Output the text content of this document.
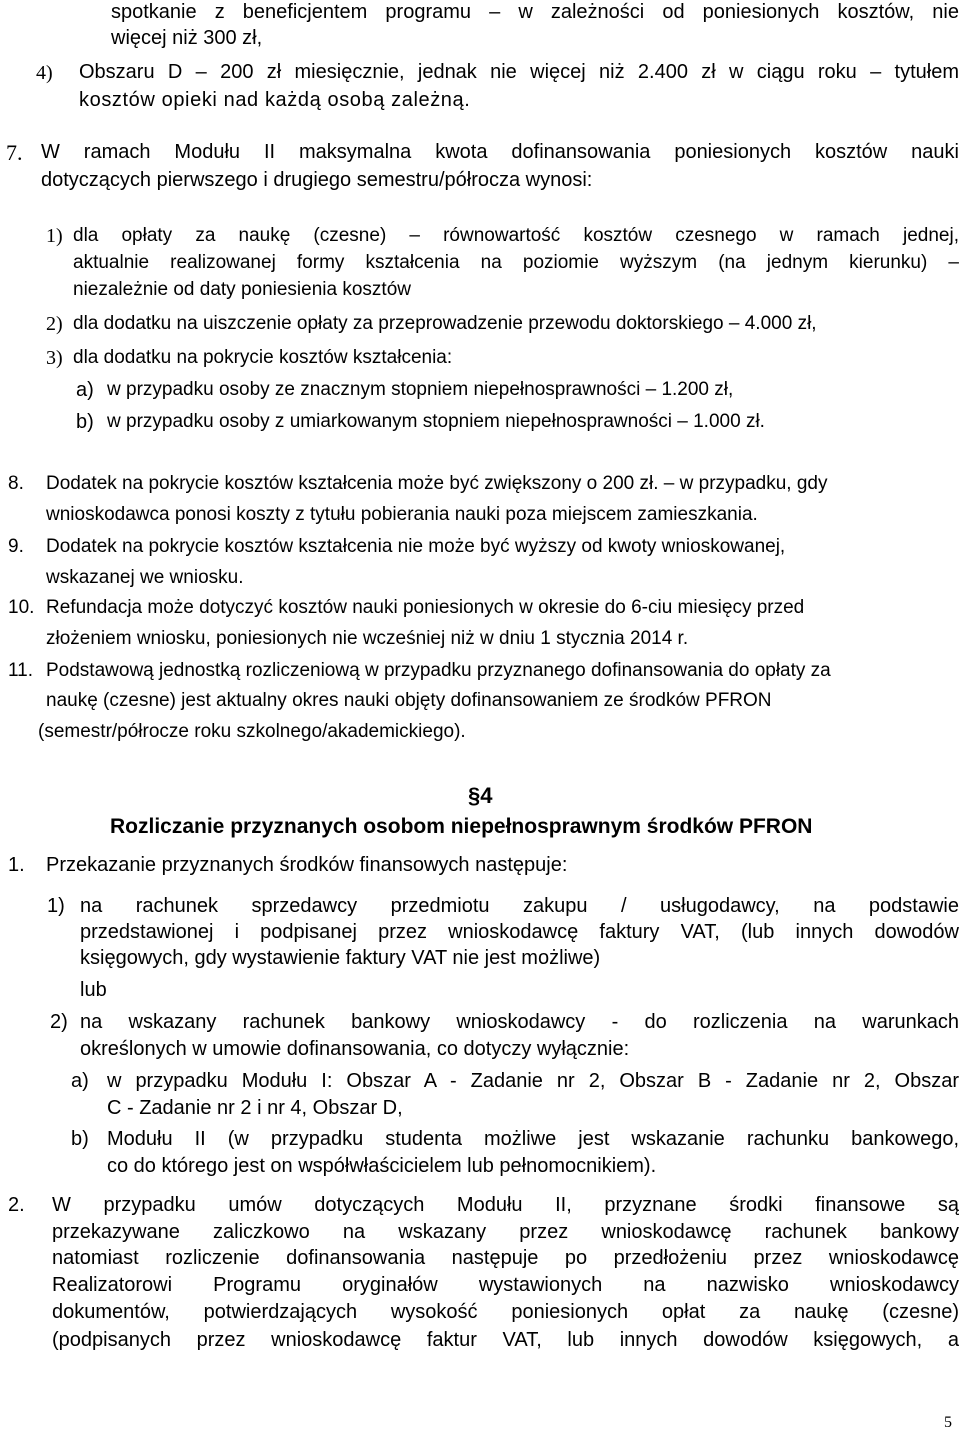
spotkanie z beneficjentem programu – w zależności od poniesionych kosztów, nie
więcej niż 300 zł,
4) Obszaru D – 200 zł miesięcznie, jednak nie więcej niż 2.400 zł w ciągu roku – tytułem
kosztów opieki nad każdą osobą zależną.
7. W ramach Modułu II maksymalna kwota dofinansowania poniesionych kosztów nauki
dotyczących pierwszego i drugiego semestru/półrocza wynosi:
1) dla opłaty za naukę (czesne) – równowartość kosztów czesnego w ramach jednej,
aktualnie realizowanej formy kształcenia na poziomie wyższym (na jednym kierunku) –
niezależnie od daty poniesienia kosztów
2) dla dodatku na uiszczenie opłaty za przeprowadzenie przewodu doktorskiego – 4.000 zł,
3) dla dodatku na pokrycie kosztów kształcenia:
a) w przypadku osoby ze znacznym stopniem niepełnosprawności – 1.200 zł,
b) w przypadku osoby z umiarkowanym stopniem niepełnosprawności – 1.000 zł.
8. Dodatek na pokrycie kosztów kształcenia może być zwiększony o 200 zł. – w przypadku, gdy
wnioskodawca ponosi koszty z tytułu pobierania nauki poza miejscem zamieszkania.
9. Dodatek na pokrycie kosztów kształcenia nie może być wyższy od kwoty wnioskowanej,
wskazanej we wniosku.
10. Refundacja może dotyczyć kosztów nauki poniesionych w okresie do 6-ciu miesięcy przed
złożeniem wniosku, poniesionych nie wcześniej niż w dniu 1 stycznia 2014 r.
11. Podstawową jednostką rozliczeniową w przypadku przyznanego dofinansowania do opłaty za
naukę (czesne) jest aktualny okres nauki objęty dofinansowaniem ze środków PFRON
(semestr/półrocze roku szkolnego/akademickiego).
§4
Rozliczanie przyznanych osobom niepełnosprawnym środków PFRON
1. Przekazanie przyznanych środków finansowych następuje:
1) na rachunek sprzedawcy przedmiotu zakupu / usługodawcy, na podstawie
przedstawionej i podpisanej przez wnioskodawcę faktury VAT, (lub innych dowodów
księgowych, gdy wystawienie faktury VAT nie jest możliwe)
lub
2) na wskazany rachunek bankowy wnioskodawcy - do rozliczenia na warunkach
określonych w umowie dofinansowania, co dotyczy wyłącznie:
a) w przypadku Modułu I: Obszar A - Zadanie nr 2, Obszar B - Zadanie nr 2, Obszar
C - Zadanie nr 2 i nr 4, Obszar D,
b) Modułu II (w przypadku studenta możliwe jest wskazanie rachunku bankowego,
co do którego jest on współwłaścicielem lub pełnomocnikiem).
2. W przypadku umów dotyczących Modułu II, przyznane środki finansowe są
przekazywane zaliczkowo na wskazany przez wnioskodawcę rachunek bankowy
natomiast rozliczenie dofinansowania następuje po przedłożeniu przez wnioskodawcę
Realizatorowi Programu oryginałów wystawionych na nazwisko wnioskodawcy
dokumentów, potwierdzających wysokość poniesionych opłat za naukę (czesne)
(podpisanych przez wnioskodawcę faktur VAT, lub innych dowodów księgowych, a
5
